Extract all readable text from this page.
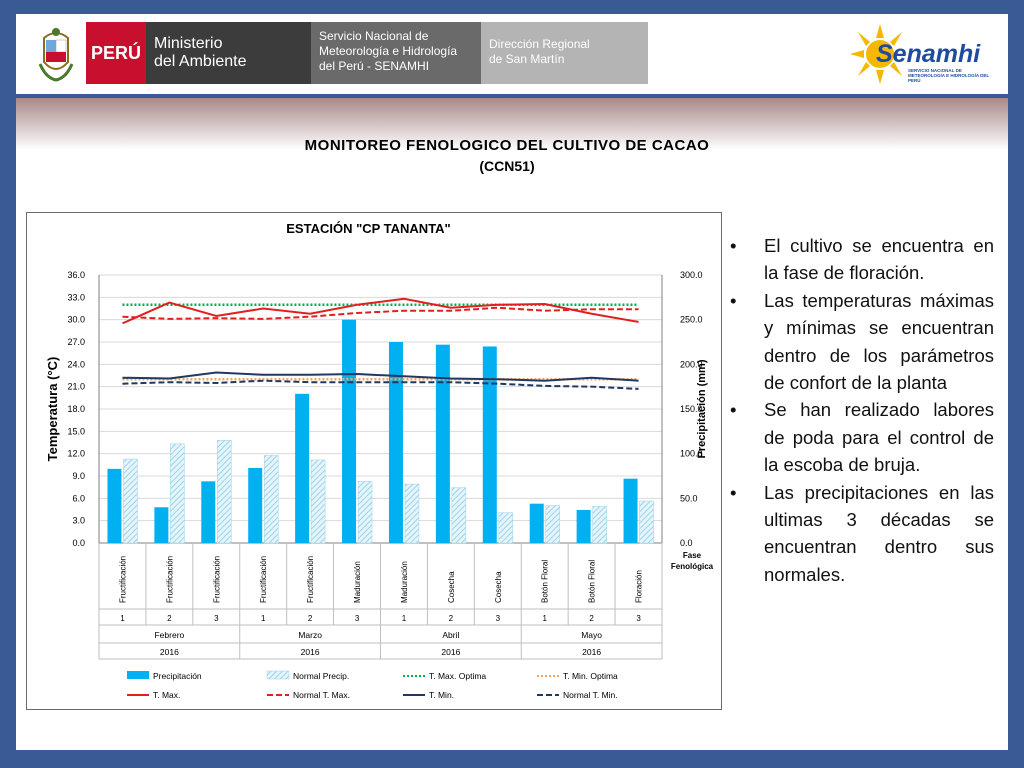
PERÚ Ministerio
del Ambiente
Servicio Nacional de
Meteorología e Hidrología
del Perú - SENAMHI
Dirección Regional
de San Martín	Senamhi
SERVICIO NACIONAL DE METEOROLOGÍA E HIDROLOGÍA DEL PERÚ
MONITOREO FENOLOGICO DEL CULTIVO DE CACAO
(CCN51)
ESTACIÓN "CP TANANTA"
36.0
33.0
30.0
27.0
24.0
21.0
18.0
15.0
12.0
9.0
6.0
3.0
0.0
300.0
250.0
200.0
150.0
100.0
50.0
0.0
Temperatura (°C)	Precipitación (mm)
Fructificación
1
Fructificación
2
Fructificación
3
Fructificación
1
Fructificación
2
Maduración
3
Maduración
1
Cosecha
2
Cosecha
3
Botón Floral
1
Botón Floral
2
Floración
3
Febrero
2016
Marzo
2016
Abril
2016
Mayo
2016
Fase
Fenológica
Precipitación	Normal Precip.	T. Max. Optima	T. Min. Optima
T. Max.	Normal T. Max.	T. Min.	Normal T. Min.
• El cultivo se encuentra en la fase de floración.
• Las temperaturas máximas y mínimas se encuentran dentro de los parámetros de confort de la planta
• Se han realizado labores de poda para el control de la escoba de bruja.
• Las precipitaciones en las ultimas 3 décadas se encuentran dentro sus normales.
